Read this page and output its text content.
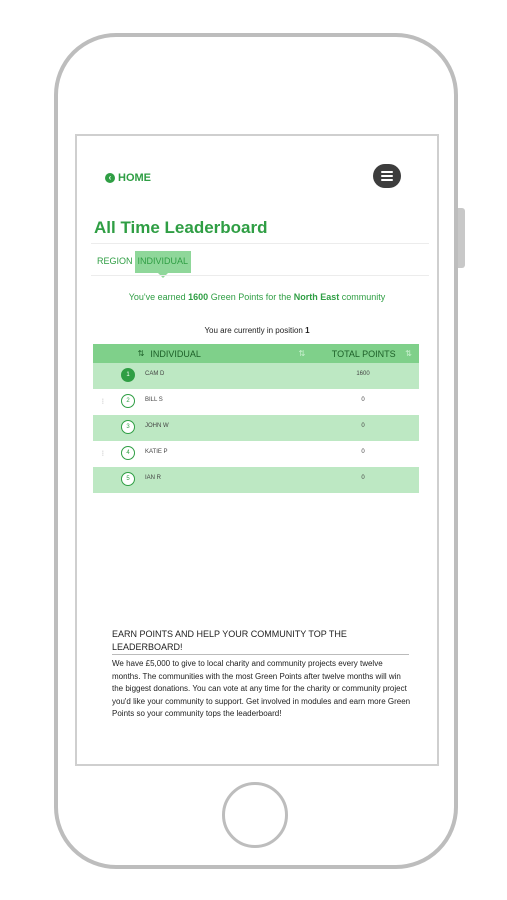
‹ HOME
All Time Leaderboard
REGION INDIVIDUAL
You've earned 1600 Green Points for the North East community
You are currently in position 1
⇅ INDIVIDUAL	⇅	TOTAL POINTS	⇅
1	CAM D	1600
⋮	2	BILL S	0
3	JOHN W	0
⋮	4	KATIE P	0
5	IAN R	0
EARN POINTS AND HELP YOUR COMMUNITY TOP THE LEADERBOARD!
We have £5,000 to give to local charity and community projects every twelve months. The communities with the most Green Points after twelve months will win the biggest donations. You can vote at any time for the charity or community project you'd like your community to support. Get involved in modules and earn more Green Points so your community tops the leaderboard!
